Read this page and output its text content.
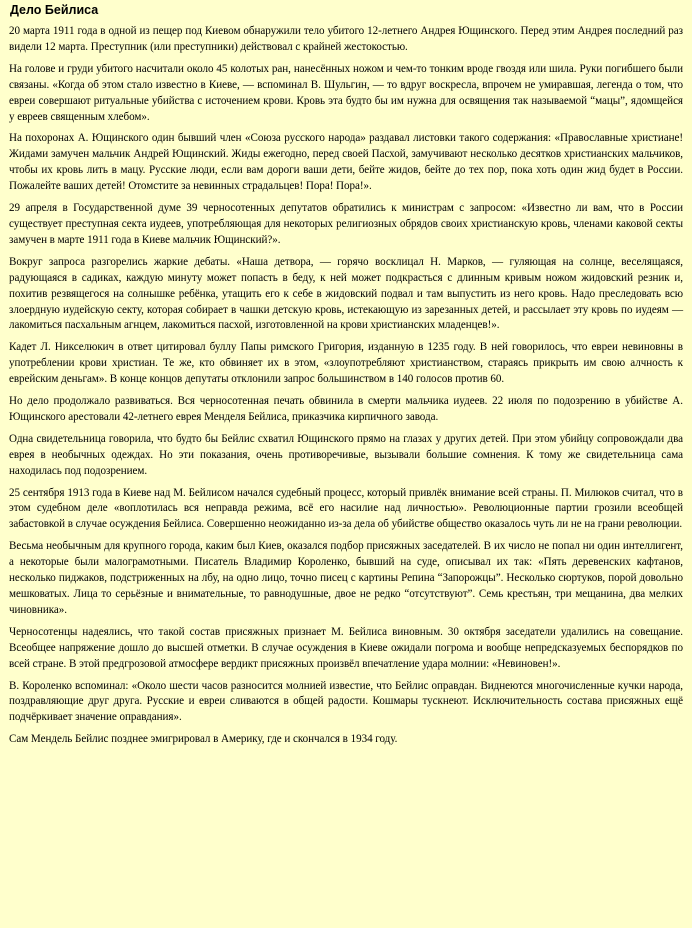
Дело Бейлиса

20 марта 1911 года в одной из пещер под Киевом обнаружили тело убитого 12-летнего Андрея Ющинского. Перед этим Андрея последний раз видели 12 марта. Преступник (или преступники) действовал с крайней жестокостью.

На голове и груди убитого насчитали около 45 колотых ран, нанесённых ножом и чем-то тонким вроде гвоздя или шила. Руки погибшего были связаны. «Когда об этом стало известно в Киеве, — вспоминал В. Шульгин, — то вдруг воскресла, впрочем не умиравшая, легенда о том, что евреи совершают ритуальные убийства с источением крови. Кровь эта будто бы им нужна для освящения так называемой “мацы”, ядомщейся у евреев священным хлебом».

На похоронах А. Ющинского один бывший член «Союза русского народа» раздавал листовки такого содержания: «Православные христиане! Жидами замучен мальчик Андрей Ющинский. Жиды ежегодно, перед своей Пасхой, замучивают несколько десятков христианских мальчиков, чтобы их кровь лить в мацу. Русские люди, если вам дороги ваши дети, бейте жидов, бейте до тех пор, пока хоть один жид будет в России. Пожалейте ваших детей! Отомстите за невинных страдальцев! Пора! Пора!».

29 апреля в Государственной думе 39 черносотенных депутатов обратились к министрам с запросом: «Известно ли вам, что в России существует преступная секта иудеев, употребляющая для некоторых религиозных обрядов своих христианскую кровь, членами каковой секты замучен в марте 1911 года в Киеве мальчик Ющинский?».

Вокруг запроса разгорелись жаркие дебаты. «Наша детвора, — горячо восклицал Н. Марков, — гуляющая на солнце, веселящаяся, радующаяся в садиках, каждую минуту может попасть в беду, к ней может подкрасться с длинным кривым ножом жидовский резник и, похитив резвящегося на солнышке ребёнка, утащить его к себе в жидовский подвал и там выпустить из него кровь. Надо преследовать всю злоердную иудейскую секту, которая собирает в чашки детскую кровь, истекающую из зарезанных детей, и рассылает эту кровь по иудеям — лакомиться пасхальным агнцем, лакомиться пасхой, изготовленной на крови христианских младенцев!».

Кадет Л. Никселюкич в ответ цитировал буллу Папы римского Григория, изданную в 1235 году. В ней говорилось, что евреи невиновны в употреблении крови христиан. Те же, кто обвиняет их в этом, «злоупотребляют христианством, стараясь прикрыть им свою алчность к еврейским деньгам». В конце концов депутаты отклонили запрос большинством в 140 голосов против 60.

Но дело продолжало развиваться. Вся черносотенная печать обвинила в смерти мальчика иудеев. 22 июля по подозрению в убийстве А. Ющинского арестовали 42-летнего еврея Менделя Бейлиса, приказчика кирпичного завода.

Одна свидетельница говорила, что будто бы Бейлис схватил Ющинского прямо на глазах у других детей. При этом убийцу сопровождали два еврея в необычных одеждах. Но эти показания, очень противоречивые, вызывали большие сомнения. К тому же свидетельница сама находилась под подозрением.

25 сентября 1913 года в Киеве над М. Бейлисом начался судебный процесс, который привлёк внимание всей страны. П. Милюков считал, что в этом судебном деле «воплотилась вся неправда режима, всё его насилие над личностью». Революционные партии грозили всеобщей забастовкой в случае осуждения Бейлиса. Совершенно неожиданно из-за дела об убийстве общество оказалось чуть ли не на грани революции.

Весьма необычным для крупного города, каким был Киев, оказался подбор присяжных заседателей. В их число не попал ни один интеллигент, а некоторые были малограмотными. Писатель Владимир Короленко, бывший на суде, описывал их так: «Пять деревенских кафтанов, несколько пиджаков, подстриженных на лбу, на одно лицо, точно писец с картины Репина “Запорожцы”. Несколько сюртуков, порой довольно мешковатых. Лица то серьёзные и внимательные, то равнодушные, двое не редко “отсутствуют”. Семь крестьян, три мещанина, два мелких чиновника».

Черносотенцы надеялись, что такой состав присяжных признает М. Бейлиса виновным. 30 октября заседатели удалились на совещание. Всеобщее напряжение дошло до высшей отметки. В случае осуждения в Киеве ожидали погрома и вообще непредсказуемых беспорядков по всей стране. В этой предгрозовой атмосфере вердикт присяжных произвёл впечатление удара молнии: «Невиновен!».

В. Короленко вспоминал: «Около шести часов разносится молнией известие, что Бейлис оправдан. Виднеются многочисленные кучки народа, поздравляющие друг друга. Русские и евреи сливаются в общей радости. Кошмары тускнеют. Исключительность состава присяжных ещё подчёркивает значение оправдания».

Сам Мендель Бейлис позднее эмигрировал в Америку, где и скончался в 1934 году.
